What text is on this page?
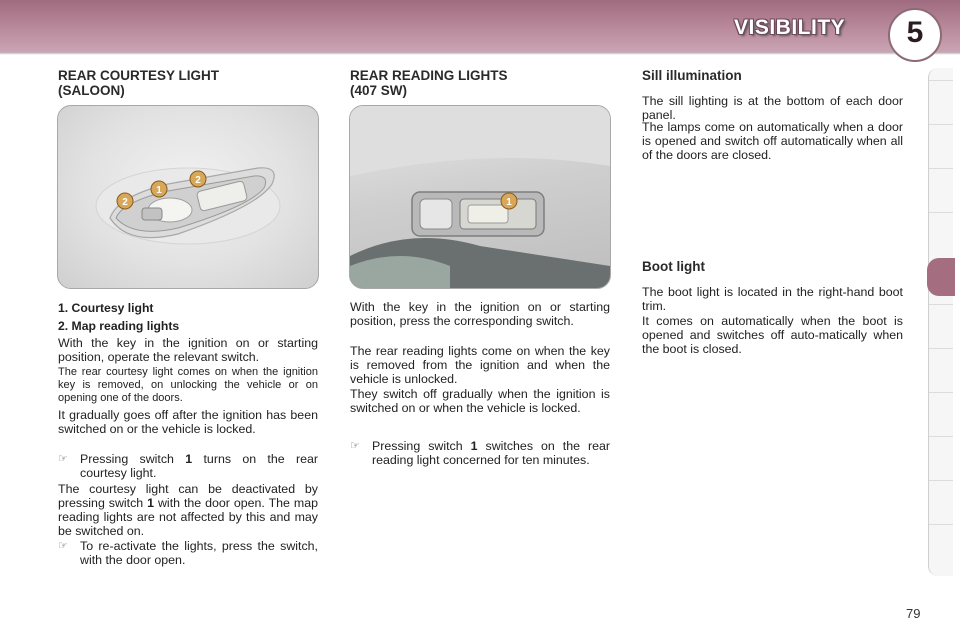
VISIBILITY	5
REAR COURTESY LIGHT
(SALOON)
2
1
2
1. Courtesy light
2. Map reading lights
With the key in the ignition on or starting position, operate the relevant switch.
The rear courtesy light comes on when the ignition key is removed, on unlocking the vehicle or on opening one of the doors.
It gradually goes off after the ignition has been switched on or the vehicle is locked.
☞ Pressing switch 1 turns on the rear courtesy light.
The courtesy light can be deactivated by pressing switch 1 with the door open. The map reading lights are not affected by this and may be switched on.
☞ To re-activate the lights, press the switch, with the door open.
REAR READING LIGHTS
(407 SW)
1
With the key in the ignition on or starting position, press the corresponding switch.
The rear reading lights come on when the key is removed from the ignition and when the vehicle is unlocked.
They switch off gradually when the ignition is switched on or when the vehicle is locked.
☞ Pressing switch 1 switches on the rear reading light concerned for ten minutes.
Sill illumination
The sill lighting is at the bottom of each door panel.
The lamps come on automatically when a door is opened and switch off automatically when all of the doors are closed.
Boot light
The boot light is located in the right-hand boot trim.
It comes on automatically when the boot is opened and switches off auto-matically when the boot is closed.
79
